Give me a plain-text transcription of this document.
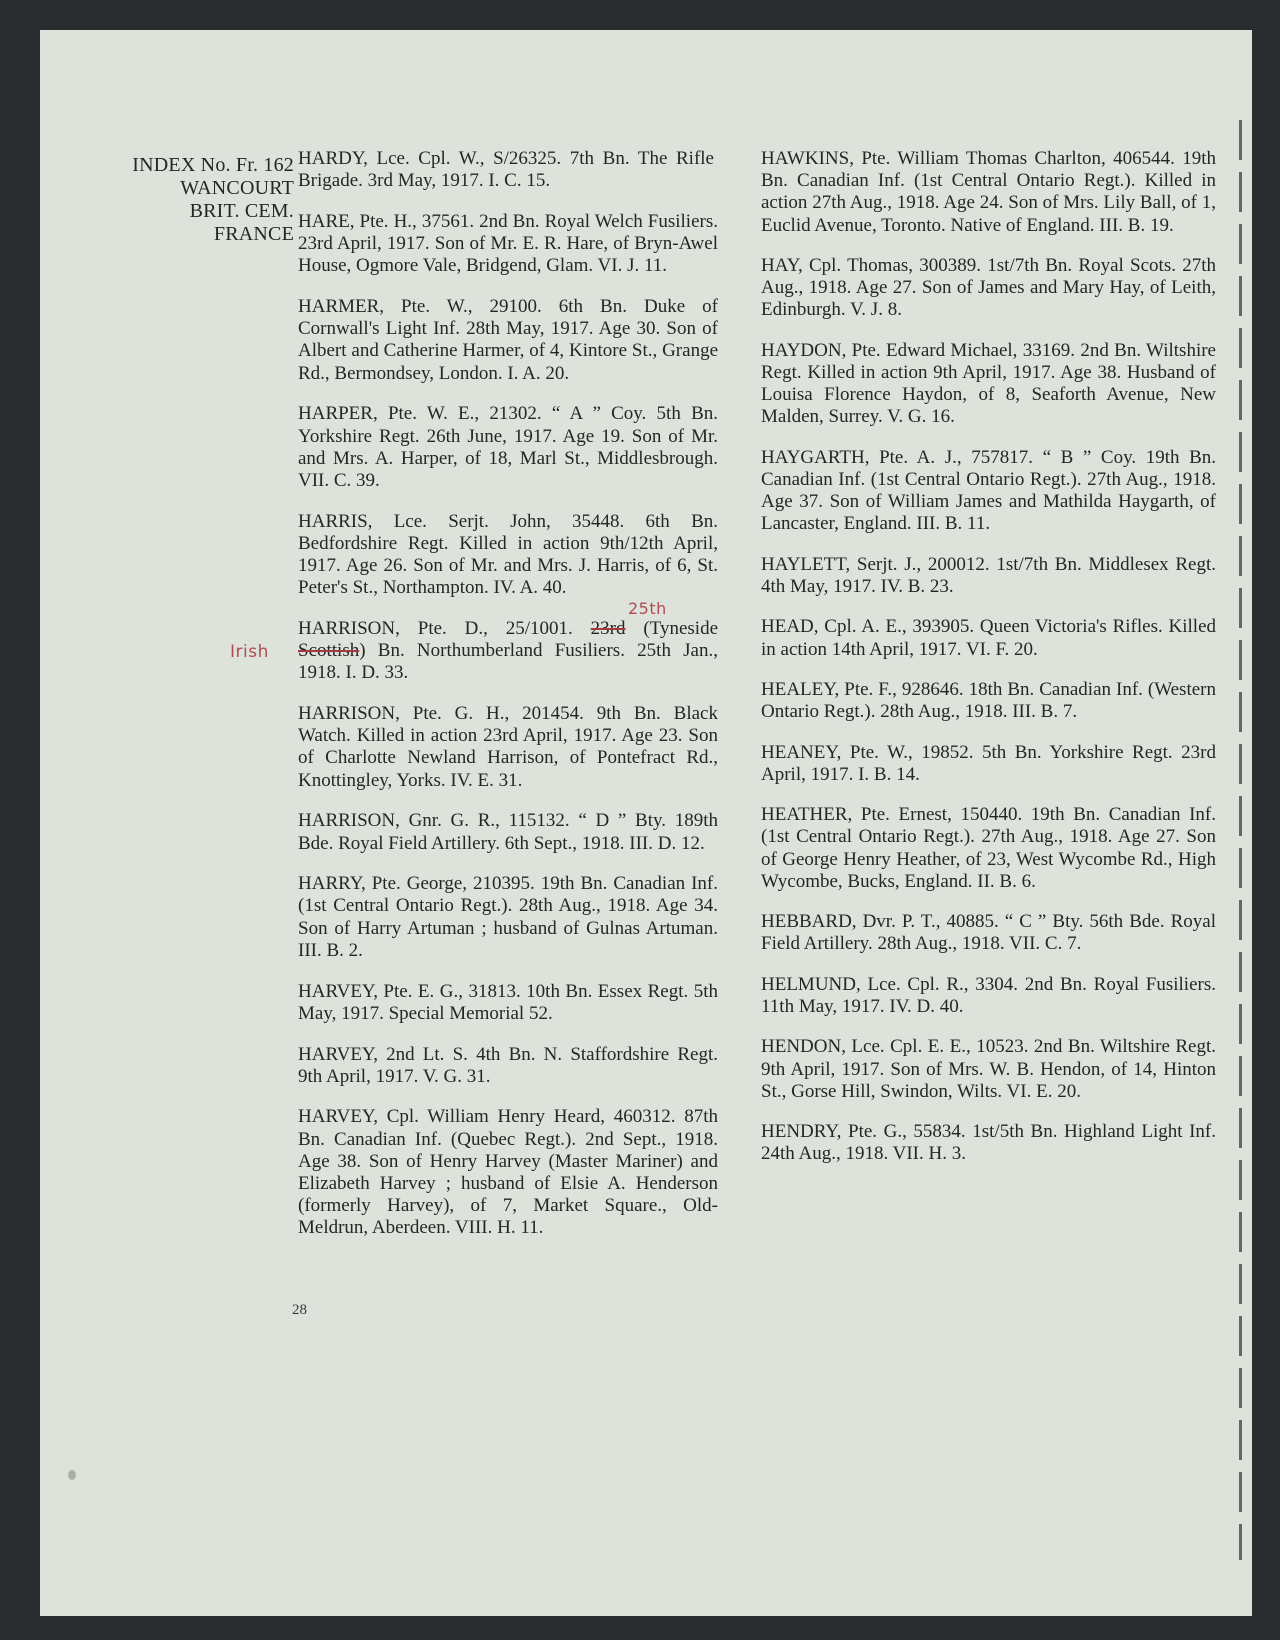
INDEX No. Fr. 162
WANCOURT
BRIT. CEM.
FRANCE

HARDY, Lce. Cpl. W., S/26325. 7th Bn. The Rifle Brigade. 3rd May, 1917. I. C. 15.

HARE, Pte. H., 37561. 2nd Bn. Royal Welch Fusiliers. 23rd April, 1917. Son of Mr. E. R. Hare, of Bryn-Awel House, Ogmore Vale, Bridgend, Glam. VI. J. 11.

HARMER, Pte. W., 29100. 6th Bn. Duke of Cornwall's Light Inf. 28th May, 1917. Age 30. Son of Albert and Catherine Harmer, of 4, Kintore St., Grange Rd., Bermondsey, London. I. A. 20.

HARPER, Pte. W. E., 21302. “ A ” Coy. 5th Bn. Yorkshire Regt. 26th June, 1917. Age 19. Son of Mr. and Mrs. A. Harper, of 18, Marl St., Middlesbrough. VII. C. 39.

HARRIS, Lce. Serjt. John, 35448. 6th Bn. Bedfordshire Regt. Killed in action 9th/12th April, 1917. Age 26. Son of Mr. and Mrs. J. Harris, of 6, St. Peter's St., Northampton. IV. A. 40.

25th
Irish
HARRISON, Pte. D., 25/1001. 23rd (Tyneside Scottish) Bn. Northumberland Fusiliers. 25th Jan., 1918. I. D. 33.

HARRISON, Pte. G. H., 201454. 9th Bn. Black Watch. Killed in action 23rd April, 1917. Age 23. Son of Charlotte Newland Harrison, of Pontefract Rd., Knottingley, Yorks. IV. E. 31.

HARRISON, Gnr. G. R., 115132. “ D ” Bty. 189th Bde. Royal Field Artillery. 6th Sept., 1918. III. D. 12.

HARRY, Pte. George, 210395. 19th Bn. Canadian Inf. (1st Central Ontario Regt.). 28th Aug., 1918. Age 34. Son of Harry Artuman ; husband of Gulnas Artuman. III. B. 2.

HARVEY, Pte. E. G., 31813. 10th Bn. Essex Regt. 5th May, 1917. Special Memorial 52.

HARVEY, 2nd Lt. S. 4th Bn. N. Staffordshire Regt. 9th April, 1917. V. G. 31.

HARVEY, Cpl. William Henry Heard, 460312. 87th Bn. Canadian Inf. (Quebec Regt.). 2nd Sept., 1918. Age 38. Son of Henry Harvey (Master Mariner) and Elizabeth Harvey ; husband of Elsie A. Henderson (formerly Harvey), of 7, Market Square., Old-Meldrun, Aberdeen. VIII. H. 11.

HAWKINS, Pte. William Thomas Charlton, 406544. 19th Bn. Canadian Inf. (1st Central Ontario Regt.). Killed in action 27th Aug., 1918. Age 24. Son of Mrs. Lily Ball, of 1, Euclid Avenue, Toronto. Native of England. III. B. 19.

HAY, Cpl. Thomas, 300389. 1st/7th Bn. Royal Scots. 27th Aug., 1918. Age 27. Son of James and Mary Hay, of Leith, Edinburgh. V. J. 8.

HAYDON, Pte. Edward Michael, 33169. 2nd Bn. Wiltshire Regt. Killed in action 9th April, 1917. Age 38. Husband of Louisa Florence Haydon, of 8, Seaforth Avenue, New Malden, Surrey. V. G. 16.

HAYGARTH, Pte. A. J., 757817. “ B ” Coy. 19th Bn. Canadian Inf. (1st Central Ontario Regt.). 27th Aug., 1918. Age 37. Son of William James and Mathilda Haygarth, of Lancaster, England. III. B. 11.

HAYLETT, Serjt. J., 200012. 1st/7th Bn. Middlesex Regt. 4th May, 1917. IV. B. 23.

HEAD, Cpl. A. E., 393905. Queen Victoria's Rifles. Killed in action 14th April, 1917. VI. F. 20.

HEALEY, Pte. F., 928646. 18th Bn. Canadian Inf. (Western Ontario Regt.). 28th Aug., 1918. III. B. 7.

HEANEY, Pte. W., 19852. 5th Bn. Yorkshire Regt. 23rd April, 1917. I. B. 14.

HEATHER, Pte. Ernest, 150440. 19th Bn. Canadian Inf. (1st Central Ontario Regt.). 27th Aug., 1918. Age 27. Son of George Henry Heather, of 23, West Wycombe Rd., High Wycombe, Bucks, England. II. B. 6.

HEBBARD, Dvr. P. T., 40885. “ C ” Bty. 56th Bde. Royal Field Artillery. 28th Aug., 1918. VII. C. 7.

HELMUND, Lce. Cpl. R., 3304. 2nd Bn. Royal Fusiliers. 11th May, 1917. IV. D. 40.

HENDON, Lce. Cpl. E. E., 10523. 2nd Bn. Wiltshire Regt. 9th April, 1917. Son of Mrs. W. B. Hendon, of 14, Hinton St., Gorse Hill, Swindon, Wilts. VI. E. 20.

HENDRY, Pte. G., 55834. 1st/5th Bn. Highland Light Inf. 24th Aug., 1918. VII. H. 3.

28
